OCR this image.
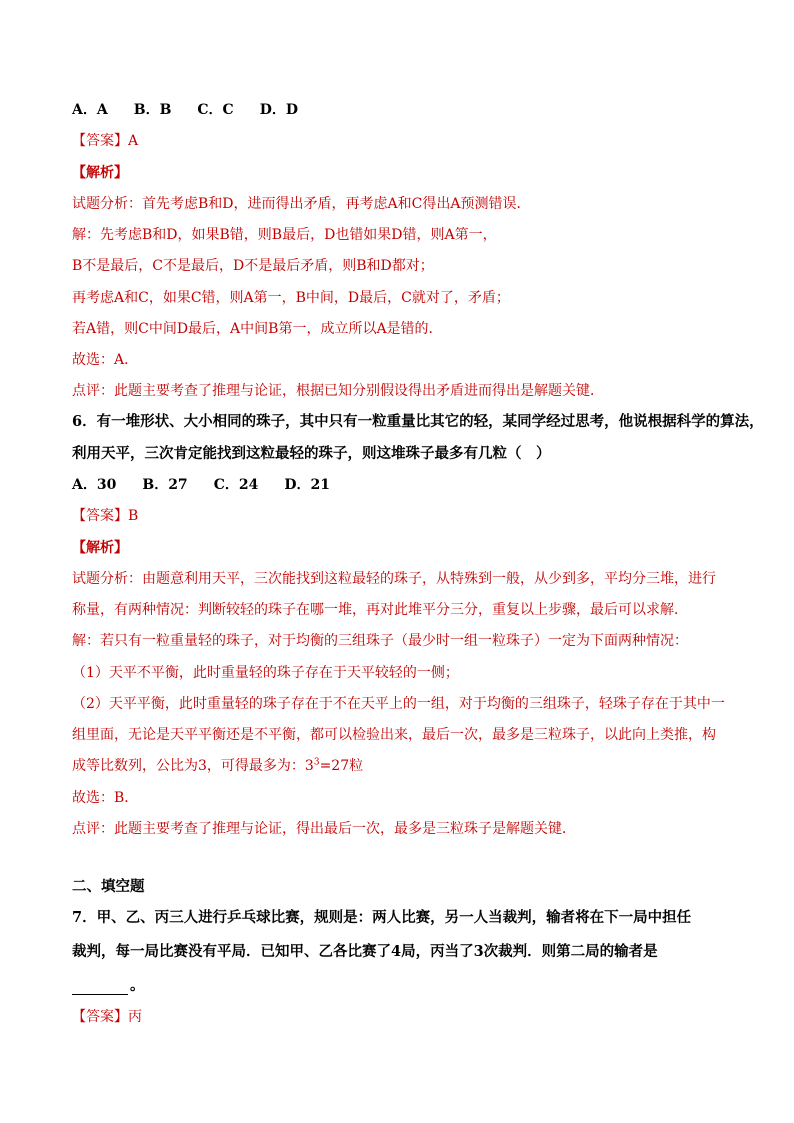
A．A B．B C．C D．D
【答案】A
【解析】
试题分析：首先考虑B和D，进而得出矛盾，再考虑A和C得出A预测错误．
解：先考虑B和D，如果B错，则B最后，D也错如果D错，则A第一，
B不是最后，C不是最后，D不是最后矛盾，则B和D都对；
再考虑A和C，如果C错，则A第一，B中间，D最后，C就对了，矛盾；
若A错，则C中间D最后，A中间B第一，成立所以A是错的．
故选：A．
点评：此题主要考查了推理与论证，根据已知分别假设得出矛盾进而得出是解题关键．
6．有一堆形状、大小相同的珠子，其中只有一粒重量比其它的轻，某同学经过思考，他说根据科学的算法，
利用天平，三次肯定能找到这粒最轻的珠子，则这堆珠子最多有几粒（　）
A．30 B．27 C．24 D．21
【答案】B
【解析】
试题分析：由题意利用天平，三次能找到这粒最轻的珠子，从特殊到一般，从少到多，平均分三堆，进行
称量，有两种情况：判断较轻的珠子在哪一堆，再对此堆平分三分，重复以上步骤，最后可以求解．
解：若只有一粒重量轻的珠子，对于均衡的三组珠子（最少时一组一粒珠子）一定为下面两种情况：
（1）天平不平衡，此时重量轻的珠子存在于天平较轻的一侧；
（2）天平平衡，此时重量轻的珠子存在于不在天平上的一组，对于均衡的三组珠子，轻珠子存在于其中一
组里面，无论是天平平衡还是不平衡，都可以检验出来，最后一次，最多是三粒珠子，以此向上类推，构
成等比数列，公比为3，可得最多为：$3^3=27$粒
故选：B．
点评：此题主要考查了推理与论证，得出最后一次，最多是三粒珠子是解题关键．
二、填空题
7．甲、乙、丙三人进行乒乓球比赛，规则是：两人比赛，另一人当裁判，输者将在下一局中担任
裁判，每一局比赛没有平局．已知甲、乙各比赛了4局，丙当了3次裁判．则第二局的输者是
。
【答案】丙
